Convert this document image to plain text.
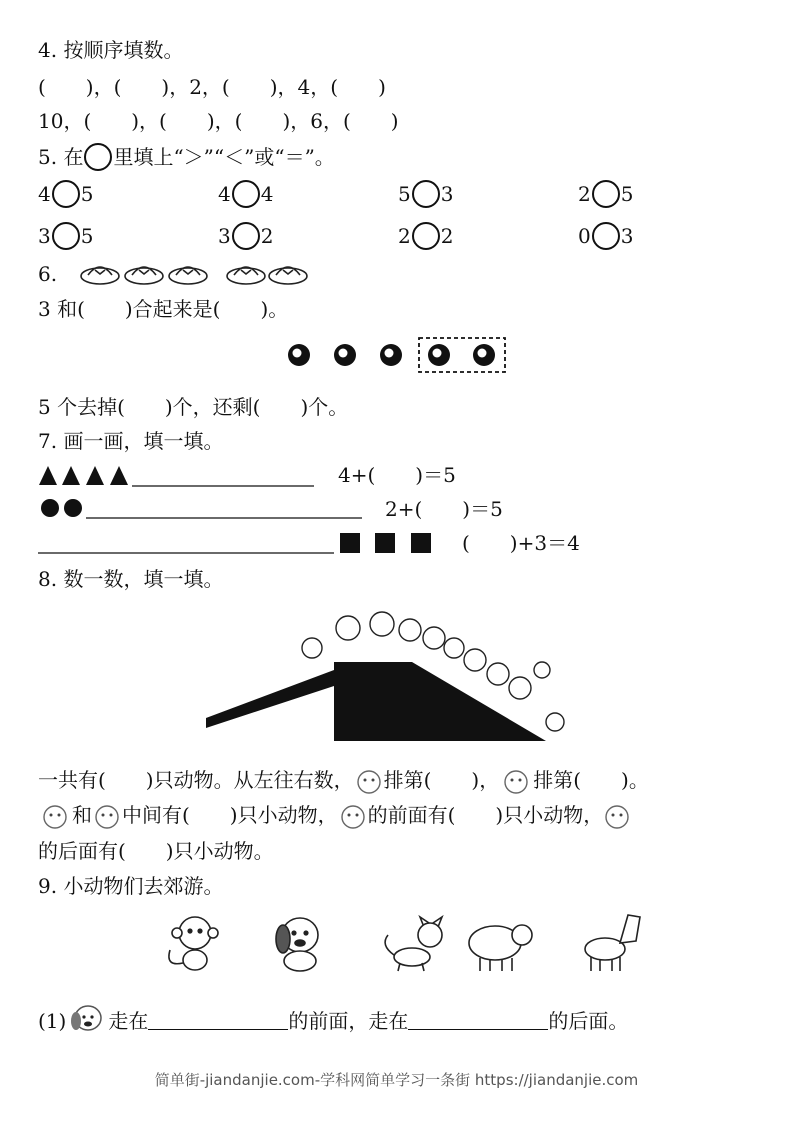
4. 按顺序填数。
(　　)，(　　)，2，(　　)，4，(　　)
10，(　　)，(　　)，(　　)，6，(　　)
5. 在 里填上“＞”“＜”或“＝”。
4 5	4 4	5 3	2 5
3 5	3 2	2 2	0 3
6.
3 和(　　)合起来是(　　)。
5 个去掉(　　)个，还剩(　　)个。
7. 画一画，填一填。
4+(　　)＝5
2+(　　)＝5
(　　)+3＝4
8. 数一数，填一填。
一共有(　　)只动物。从左往右数， 排第(　　)， 排第(　　)。
和 中间有(　　)只小动物， 的前面有(　　)只小动物，
的后面有(　　)只小动物。
9. 小动物们去郊游。
(1) 走在	的前面，走在	的后面。
简单街-jiandanjie.com-学科网简单学习一条街 https://jiandanjie.com
